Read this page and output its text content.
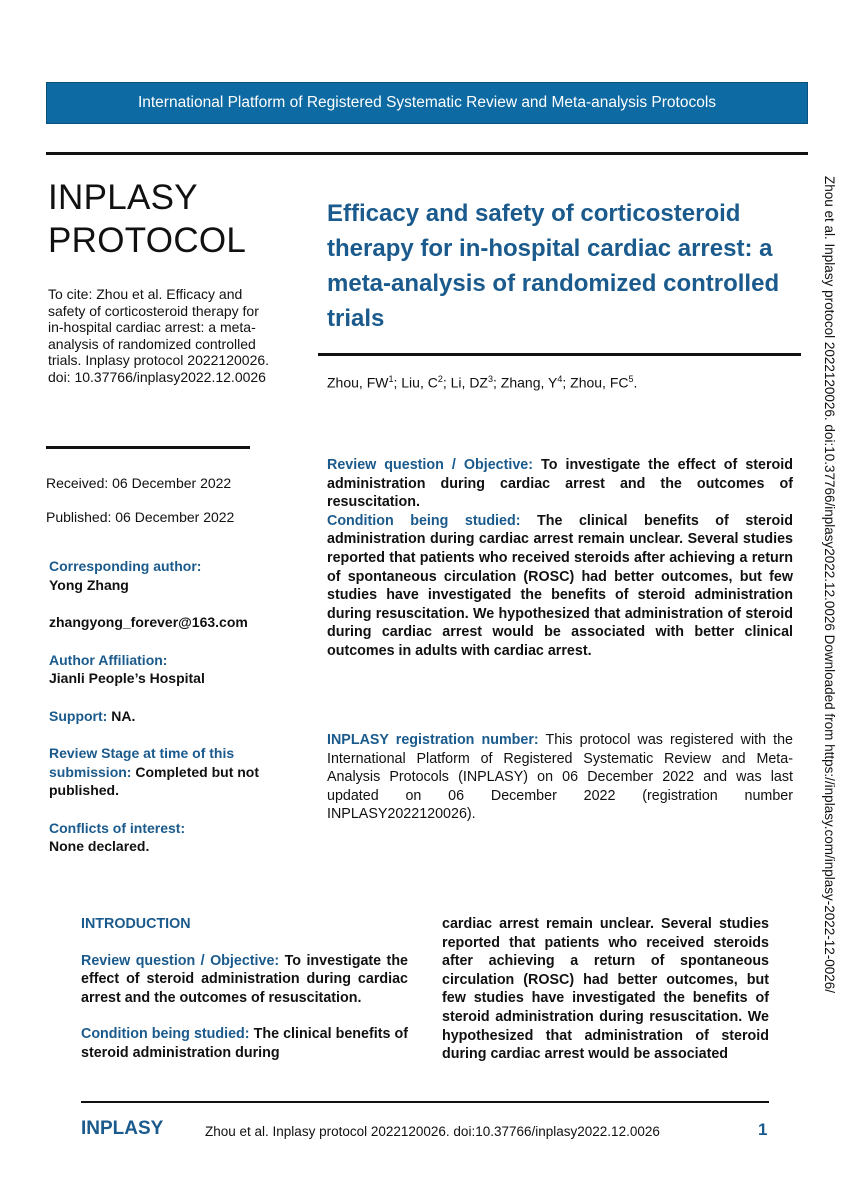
International Platform of Registered Systematic Review and Meta-analysis Protocols
INPLASY
PROTOCOL
To cite: Zhou et al. Efficacy and safety of corticosteroid therapy for in-hospital cardiac arrest: a meta-analysis of randomized controlled trials. Inplasy protocol 2022120026. doi: 10.37766/inplasy2022.12.0026
Received: 06 December 2022
Published: 06 December 2022
Corresponding author:
Yong Zhang
zhangyong_forever@163.com
Author Affiliation:
Jianli People’s Hospital
Support: NA.
Review Stage at time of this submission: Completed but not published.
Conflicts of interest:
None declared.
Efficacy and safety of corticosteroid therapy for in-hospital cardiac arrest: a meta-analysis of randomized controlled trials
Zhou, $FW^1$; Liu, $C^2$; Li, $DZ^3$; Zhang, $Y^4$; Zhou, $FC^5$.
Review question / Objective: To investigate the effect of steroid administration during cardiac arrest and the outcomes of resuscitation.
Condition being studied: The clinical benefits of steroid administration during cardiac arrest remain unclear. Several studies reported that patients who received steroids after achieving a return of spontaneous circulation (ROSC) had better outcomes, but few studies have investigated the benefits of steroid administration during resuscitation. We hypothesized that administration of steroid during cardiac arrest would be associated with better clinical outcomes in adults with cardiac arrest.
INPLASY registration number: This protocol was registered with the International Platform of Registered Systematic Review and Meta-Analysis Protocols (INPLASY) on 06 December 2022 and was last updated on 06 December 2022 (registration number INPLASY2022120026).
INTRODUCTION
Review question / Objective: To investigate the effect of steroid administration during cardiac arrest and the outcomes of resuscitation.
Condition being studied: The clinical benefits of steroid administration during
cardiac arrest remain unclear. Several studies reported that patients who received steroids after achieving a return of spontaneous circulation (ROSC) had better outcomes, but few studies have investigated the benefits of steroid administration during resuscitation. We hypothesized that administration of steroid during cardiac arrest would be associated
Zhou et al. Inplasy protocol 2022120026. doi:10.37766/inplasy2022.12.0026 Downloaded from https://inplasy.com/inplasy-2022-12-0026/
INPLASY	Zhou et al. Inplasy protocol 2022120026. doi:10.37766/inplasy2022.12.0026	1
